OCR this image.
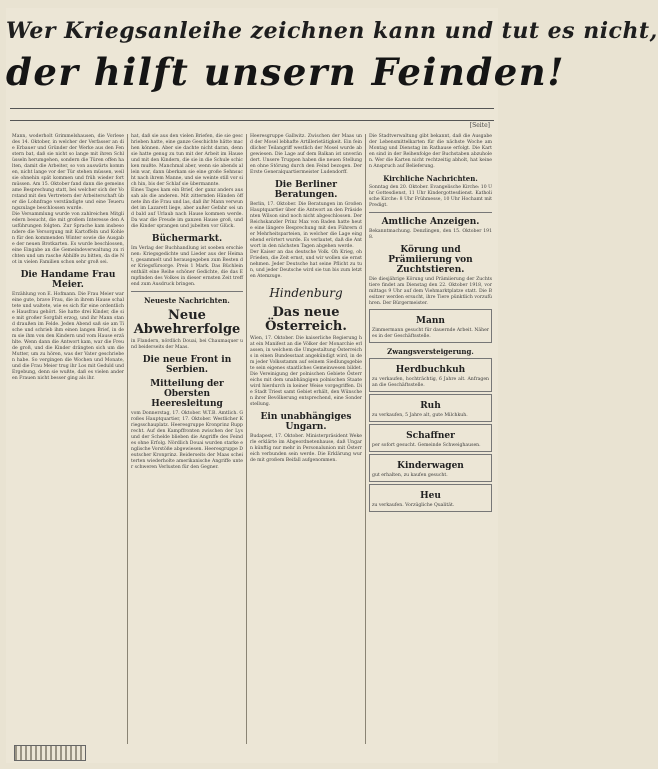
Wer Kriegsanleihe zeichnen kann und tut es nicht,
der hilft unsern Feinden!
[Seite]
Mann, woderholt Grimmelshausen, die Vorlese des 14. Oktober, in welcher der Verfasser an die Erbauer und Gründer der Werke aus den Fenstern bat, daß sie nicht so lange mit ihren Schlüsseln herumgehen, sondern die Türen offen halten, damit die Arbeiter, so von auswärts kommen, nicht lange vor der Tür stehen müssen, weil sie ohnehin spät kommen und früh wieder fort müssen. Am 15. Oktober fand dann die gemeinsame Besprechung statt, bei welcher sich der Vorstand mit den Vertretern der Arbeiterschaft über die Lohnfrage verständigte und eine Teuerungszulage beschlossen wurde.
Die Versammlung wurde von zahlreichen Mitgliedern besucht, die mit großem Interesse den Ausführungen folgten. Zur Sprache kam insbesondere die Versorgung mit Kartoffeln und Kohlen für den kommenden Winter sowie die Ausgabe der neuen Brotkarten. Es wurde beschlossen, eine Eingabe an die Gemeindeverwaltung zu richten und um rasche Abhilfe zu bitten, da die Not in vielen Familien schon sehr groß sei.
Die Handame Frau Meier.
Erzählung von E. Hofmann. Die Frau Meier war eine gute, brave Frau, die in ihrem Hause schaltete und waltete, wie es sich für eine ordentliche Hausfrau gehört. Sie hatte drei Kinder, die sie mit großer Sorgfalt erzog, und ihr Mann stand draußen im Felde. Jeden Abend saß sie am Tische und schrieb ihm einen langen Brief, in dem sie ihm von den Kindern und vom Hause erzählte. Wenn dann die Antwort kam, war die Freude groß, und die Kinder drängten sich um die Mutter, um zu hören, was der Vater geschrieben habe. So vergingen die Wochen und Monate, und die Frau Meier trug ihr Los mit Geduld und Ergebung, denn sie wußte, daß es vielen anderen Frauen nicht besser ging als ihr.
hat, daß sie aus den vielen Briefen, die sie geschrieben hatte, eine ganze Geschichte hätte machen können. Aber sie dachte nicht daran, denn sie hatte genug zu tun mit der Arbeit im Hause und mit den Kindern, die sie in die Schule schicken mußte. Manchmal aber, wenn sie abends allein war, dann überkam sie eine große Sehnsucht nach ihrem Manne, und sie weinte still vor sich hin, bis der Schlaf sie übermannte.
Eines Tages kam ein Brief, der ganz anders aussah als die anderen. Mit zitternden Händen öffnete ihn die Frau und las, daß ihr Mann verwundet im Lazarett liege, aber außer Gefahr sei und bald auf Urlaub nach Hause kommen werde. Da war die Freude im ganzen Hause groß, und die Kinder sprangen und jubelten vor Glück.
Büchermarkt.
Im Verlag der Buchhandlung ist soeben erschienen: Kriegsgedichte und Lieder aus der Heimat, gesammelt und herausgegeben zum Besten der Kriegsfürsorge. Preis 1 Mark. Das Büchlein enthält eine Reihe schöner Gedichte, die das Empfinden des Volkes in dieser ernsten Zeit treffend zum Ausdruck bringen.
Neueste Nachrichten.
Neue Abwehrerfolge
in Flandern, nördlich Douai, bei Chaumaquer und beiderseits der Maas.
Die neue Front in Serbien.
Mitteilung der Obersten Heeresleitung
vom Donnerstag, 17. Oktober. W.T.B. Amtlich. Großes Hauptquartier, 17. Oktober. Westlicher Kriegsschauplatz. Heeresgruppe Kronprinz Rupprecht. Auf den Kampffronten zwischen der Lys und der Schelde blieben die Angriffe des Feindes ohne Erfolg. Nördlich Douai wurden starke englische Vorstöße abgewiesen. Heeresgruppe Deutscher Kronprinz. Beiderseits der Maas scheiterten wiederholte amerikanische Angriffe unter schweren Verlusten für den Gegner.
Heeresgruppe Gallwitz. Zwischen der Maas und der Mosel lebhafte Artillerietätigkeit. Ein feindlicher Teilangriff westlich der Mosel wurde abgewiesen. Die Lage auf dem Balkan ist unverändert. Unsere Truppen haben die neuen Stellungen ohne Störung durch den Feind bezogen. Der Erste Generalquartiermeister Ludendorff.
Die Berliner Beratungen.
Berlin, 17. Oktober. Die Beratungen im Großen Hauptquartier über die Antwort an den Präsidenten Wilson sind noch nicht abgeschlossen. Der Reichskanzler Prinz Max von Baden hatte heute eine längere Besprechung mit den Führern der Mehrheitsparteien, in welcher die Lage eingehend erörtert wurde. Es verlautet, daß die Antwort in den nächsten Tagen abgehen werde.
Der Kaiser an das deutsche Volk. Oh Krieg, oh Frieden, die Zeit ernst, und wir wollen sie ernst nehmen. Jeder Deutsche hat seine Pflicht zu tun, und jeder Deutsche wird sie tun bis zum letzten Atemzuge.
Hindenburg
Das neue Österreich.
Wien, 17. Oktober. Die kaiserliche Regierung hat ein Manifest an die Völker der Monarchie erlassen, in welchem die Umgestaltung Österreichs in einen Bundesstaat angekündigt wird, in dem jeder Volksstamm auf seinem Siedlungsgebiete sein eigenes staatliches Gemeinwesen bildet. Die Vereinigung der polnischen Gebiete Österreichs mit dem unabhängigen polnischen Staate wird hierdurch in keiner Weise vorgegriffen. Die Stadt Triest samt Gebiet erhält, den Wünschen ihrer Bevölkerung entsprechend, eine Sonderstellung.
Ein unabhängiges Ungarn.
Budapest, 17. Oktober. Ministerpräsident Wekerle erklärte im Abgeordnetenhause, daß Ungarn künftig nur mehr in Personalunion mit Österreich verbunden sein werde. Die Erklärung wurde mit großem Beifall aufgenommen.
Die Stadtverwaltung gibt bekannt, daß die Ausgabe der Lebensmittelkarten für die nächste Woche am Montag und Dienstag im Rathause erfolgt. Die Karten sind in der Reihenfolge der Buchstaben abzuholen. Wer die Karten nicht rechtzeitig abholt, hat keinen Anspruch auf Belieferung.
Kirchliche Nachrichten.
Sonntag den 20. Oktober. Evangelische Kirche: 10 Uhr Gottesdienst, 11 Uhr Kindergottesdienst. Katholische Kirche: 8 Uhr Frühmesse, 10 Uhr Hochamt mit Predigt.
Amtliche Anzeigen.
Bekanntmachung. Denzlingen, den 15. Oktober 1918.
Körung und Prämiierung von Zuchtstieren.
Die diesjährige Körung und Prämiierung der Zuchtstiere findet am Dienstag den 22. Oktober 1918, vormittags 9 Uhr auf dem Viehmarktplatze statt. Die Besitzer werden ersucht, ihre Tiere pünktlich vorzuführen. Der Bürgermeister.
Mann
Zimmermann gesucht für dauernde Arbeit. Näheres in der Geschäftsstelle.
Zwangsversteigerung.
Herdbuchkuh
zu verkaufen, hochträchtig, 6 Jahre alt. Anfragen an die Geschäftsstelle.
Ruh
zu verkaufen, 5 Jahre alt, gute Milchkuh.
Schaffner
per sofort gesucht. Gemeinde Schweighausen.
Kinderwagen
gut erhalten, zu kaufen gesucht.
Heu
zu verkaufen. Vorzügliche Qualität.
